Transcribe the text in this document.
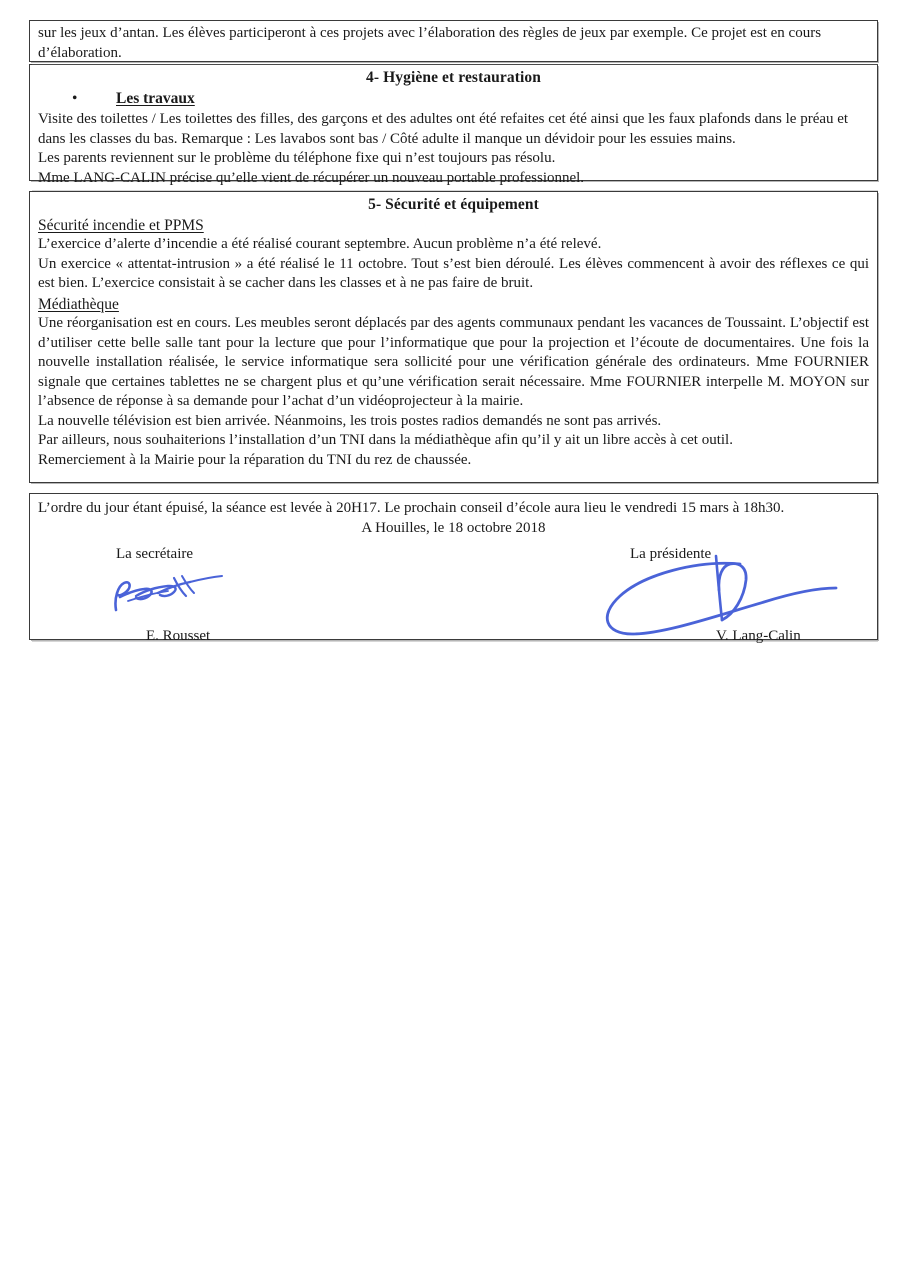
sur les jeux d’antan. Les élèves participeront à ces projets avec l’élaboration des règles de jeux par exemple. Ce projet est en cours

d’élaboration.

4- Hygiène et restauration
• Les travaux

Visite des toilettes / Les toilettes des filles, des garçons et des adultes ont été refaites cet été ainsi que les faux plafonds dans le préau et dans les classes du bas. Remarque : Les lavabos sont bas / Côté adulte il manque un dévidoir pour les essuies mains.

Les parents reviennent sur le problème du téléphone fixe qui n’est toujours pas résolu.

Mme LANG-CALIN précise qu’elle vient de récupérer un nouveau portable professionnel.

5- Sécurité et équipement

Sécurité incendie et PPMS

L’exercice d’alerte d’incendie a été réalisé courant septembre. Aucun problème n’a été relevé.

Un exercice « attentat-intrusion » a été réalisé le 11 octobre. Tout s’est bien déroulé. Les élèves commencent à avoir des réflexes ce qui est bien. L’exercice consistait à se cacher dans les classes et à ne pas faire de bruit.

Médiathèque

Une réorganisation est en cours. Les meubles seront déplacés par des agents communaux pendant les vacances de Toussaint. L’objectif est d’utiliser cette belle salle tant pour la lecture que pour l’informatique que pour la projection et l’écoute de documentaires. Une fois la nouvelle installation réalisée, le service informatique sera sollicité pour une vérification générale des ordinateurs. Mme FOURNIER signale que certaines tablettes ne se chargent plus et qu’une vérification serait nécessaire. Mme FOURNIER interpelle M. MOYON sur l’absence de réponse à sa demande pour l’achat d’un vidéoprojecteur à la mairie.

La nouvelle télévision est bien arrivée. Néanmoins, les trois postes radios demandés ne sont pas arrivés.

Par ailleurs, nous souhaiterions l’installation d’un TNI dans la médiathèque afin qu’il y ait un libre accès à cet outil.

Remerciement à la Mairie pour la réparation du TNI du rez de chaussée.

L’ordre du jour étant épuisé, la séance est levée à 20H17. Le prochain conseil d’école aura lieu le vendredi 15 mars à 18h30.

A Houilles, le 18 octobre 2018

La secrétaire
E. Rousset
La présidente
V. Lang-Calin
